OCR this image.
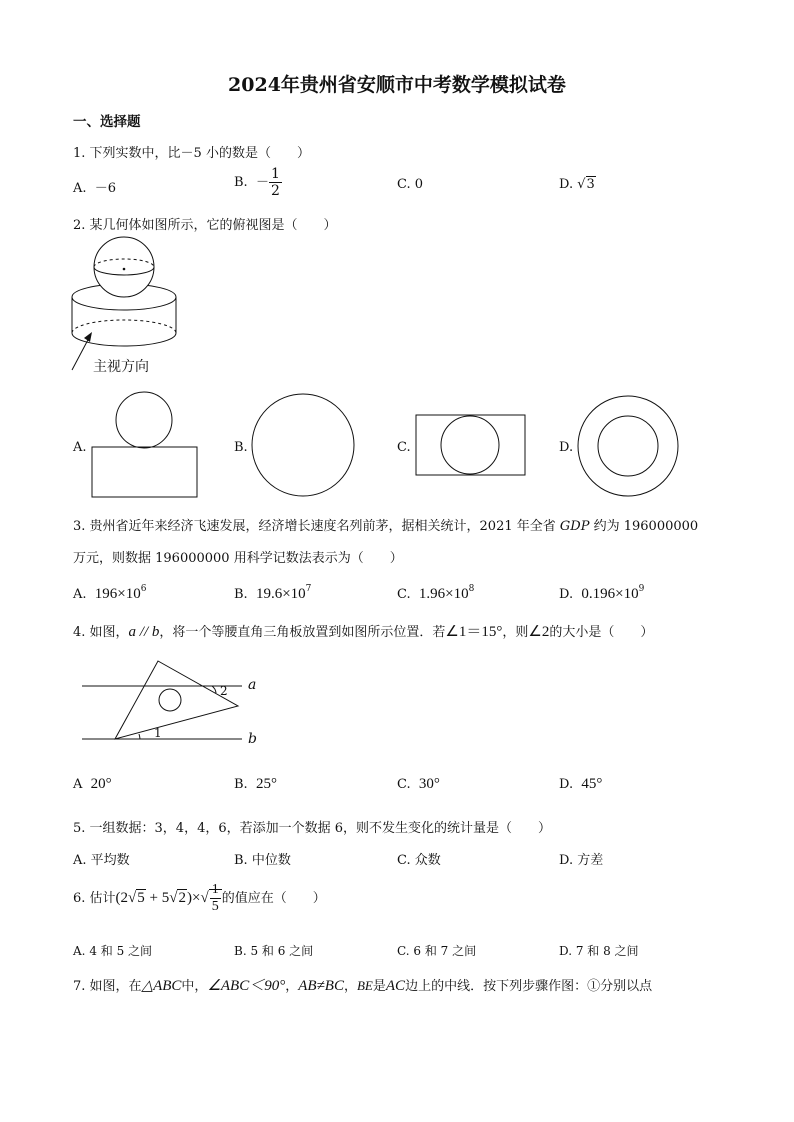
2024年贵州省安顺市中考数学模拟试卷
一、选择题
1. 下列实数中，比－5 小的数是（　　）
A. －6	B. － $\frac{1}{2}$	C. 0	D. √3
2. 某几何体如图所示，它的俯视图是（　　）
主视方向
A.	B.	C.	D.
3. 贵州省近年来经济飞速发展，经济增长速度名列前茅，据相关统计，2021 年全省 GDP 约为 196000000
万元，则数据 196000000 用科学记数法表示为（　　）
A. $196\times 10^6$	B. $19.6\times 10^7$	C. $1.96\times 10^8$	D. $0.196\times 10^9$
4. 如图，a // b，将一个等腰直角三角板放置到如图所示位置．若∠1＝15°，则∠2的大小是（　　）
a
b
2
1
A 20°	B. 25°	C. 30°	D. 45°
5. 一组数据：3，4，4，6，若添加一个数据 6，则不发生变化的统计量是（　　）
A. 平均数	B. 中位数	C. 众数	D. 方差
6. 估计$(2√5 + 5√2)\times√ \frac{1}{5}$ 的值应在（　　）
A. 4 和 5 之间	B. 5 和 6 之间	C. 6 和 7 之间	D. 7 和 8 之间
7. 如图，在△ABC中，∠ABC＜90°，AB≠BC，BE是AC边上的中线．按下列步骤作图：①分别以点
